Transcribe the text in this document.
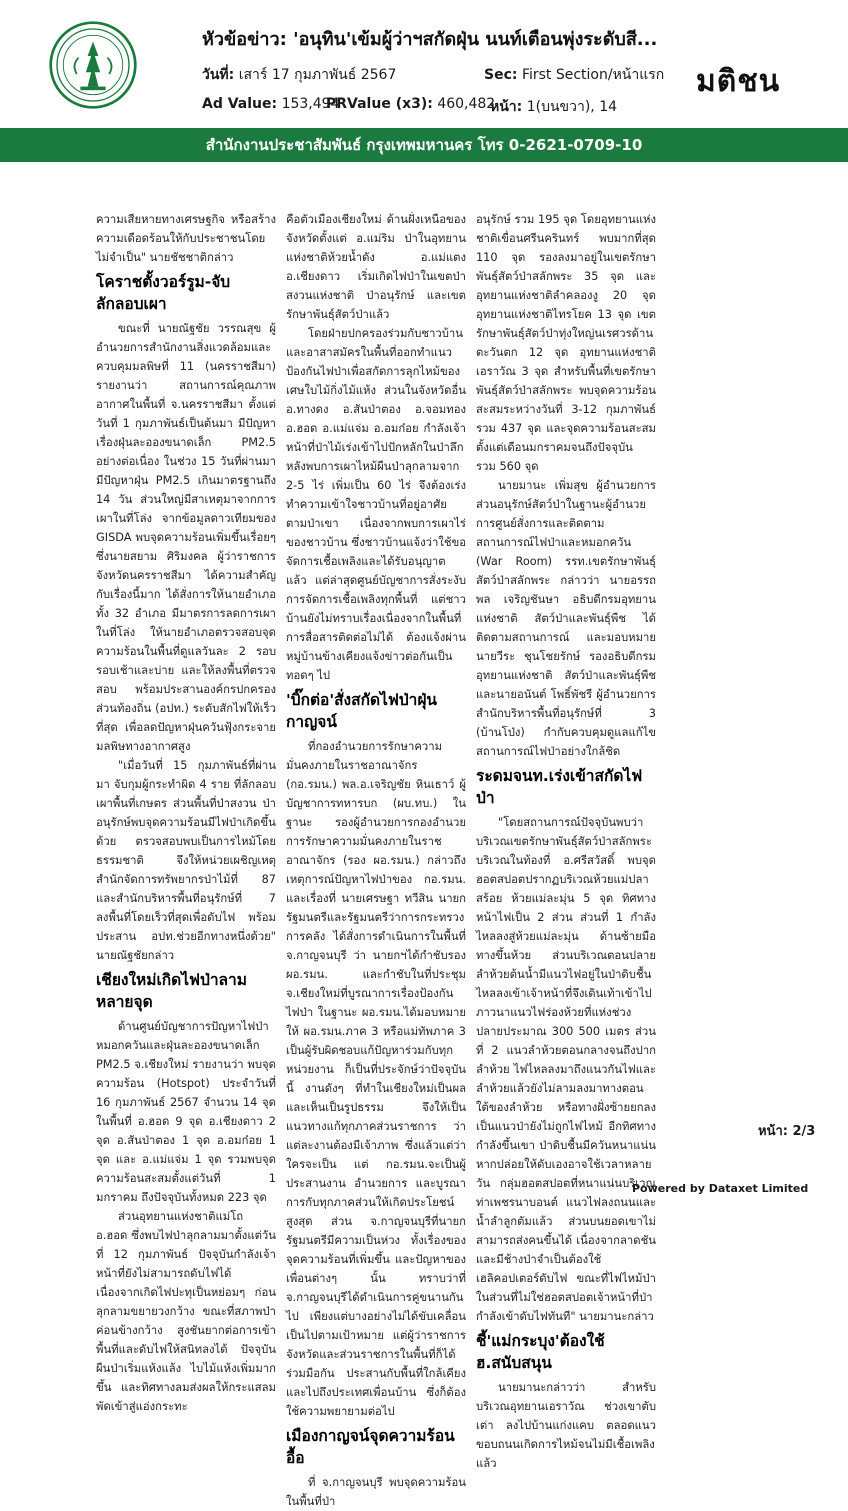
หัวข้อข่าว: 'อนุทิน'เข้มผู้ว่าฯสกัดฝุ่น นนท์เตือนพุ่งระดับสี...
วันที่: เสาร์ 17 กุมภาพันธ์ 2567	Sec: First Section/หน้าแรก
Ad Value: 153,494
PRValue (x3): 460,482
หน้า: 1(บนขวา), 14
มติชน
สำนักงานประชาสัมพันธ์ กรุงเทพมหานคร โทร 0-2621-0709-10

ความเสียหายทางเศรษฐกิจ หรือสร้างความเดือดร้อนให้กับประชาชนโดยไม่จำเป็น" นายชัชชาติกล่าว

โคราชตั้งวอร์รูม-จับลักลอบเผา

ขณะที่ นายณัฐชัย วรรณสุข ผู้อำนวยการสำนักงานสิ่งแวดล้อมและควบคุมมลพิษที่ 11 (นครราชสีมา) รายงานว่า สถานการณ์คุณภาพอากาศในพื้นที่ จ.นครราชสีมา ตั้งแต่วันที่ 1 กุมภาพันธ์เป็นต้นมา มีปัญหาเรื่องฝุ่นละอองขนาดเล็ก PM2.5 อย่างต่อเนื่อง ในช่วง 15 วันที่ผ่านมา มีปัญหาฝุ่น PM2.5 เกินมาตรฐานถึง 14 วัน ส่วนใหญ่มีสาเหตุมาจากการเผาในที่โล่ง จากข้อมูลดาวเทียมของ GISDA พบจุดความร้อนเพิ่มขึ้นเรื่อยๆ ซึ่งนายสยาม ศิริมงคล ผู้ว่าราชการจังหวัดนครราชสีมา ได้ความสำคัญกับเรื่องนี้มาก ได้สั่งการให้นายอำเภอทั้ง 32 อำเภอ มีมาตรการลดการเผาในที่โล่ง ให้นายอำเภอตรวจสอบจุดความร้อนในพื้นที่ดูแลวันละ 2 รอบ รอบเช้าและบ่าย และให้ลงพื้นที่ตรวจสอบ พร้อมประสานองค์กรปกครองส่วนท้องถิ่น (อปท.) ระดับสักไฟให้เร็วที่สุด เพื่อลดปัญหาฝุ่นควันฟุ้งกระจาย มลพิษทางอากาศสูง

"เมื่อวันที่ 15 กุมภาพันธ์ที่ผ่านมา จับกุมผู้กระทำผิด 4 ราย ที่ลักลอบเผาพื้นที่เกษตร ส่วนพื้นที่ป่าสงวน ป่าอนุรักษ์พบจุดความร้อนมีไฟป่าเกิดขึ้นด้วย ตรวจสอบพบเป็นการไหม้โดยธรรมชาติ จึงให้หน่วยเผชิญเหตุ สำนักจัดการทรัพยากรป่าไม้ที่ 87 และสำนักบริหารพื้นที่อนุรักษ์ที่ 7 ลงพื้นที่โดยเร็วที่สุดเพื่อดับไฟ พร้อมประสาน อปท.ช่วยอีกทางหนึ่งด้วย" นายณัฐชัยกล่าว

เชียงใหม่เกิดไฟป่าลามหลายจุด

ด้านศูนย์บัญชาการปัญหาไฟป่าหมอกควันและฝุ่นละอองขนาดเล็ก PM2.5 จ.เชียงใหม่ รายงานว่า พบจุดความร้อน (Hotspot) ประจำวันที่ 16 กุมภาพันธ์ 2567 จำนวน 14 จุด ในพื้นที่ อ.ฮอด 9 จุด อ.เชียงดาว 2 จุด อ.สันป่าตอง 1 จุด อ.อมก๋อย 1 จุด และ อ.แม่แจ่ม 1 จุด รวมพบจุดความร้อนสะสมตั้งแต่วันที่ 1 มกราคม ถึงปัจจุบันทั้งหมด 223 จุด

ส่วนอุทยานแห่งชาติแม่โถ อ.ฮอด ซึ่งพบไฟป่าลุกลามมาตั้งแต่วันที่ 12 กุมภาพันธ์ ปัจจุบันกำลังเจ้าหน้าที่ยังไม่สามารถดับไฟได้ เนื่องจากเกิดไฟปะทุเป็นหย่อมๆ ก่อนลุกลามขยายวงกว้าง ขณะที่สภาพป่าค่อนข้างกว้าง สูงชันยากต่อการเข้าพื้นที่และดับไฟให้สนิทลงได้ ปัจจุบันผืนป่าเริ่มแห้งแล้ง ไบไม้แห้งเพิ่มมากขึ้น และทิศทางลมส่งผลให้กระแสลมพัดเข้าสู่แอ่งกระทะ

คือตัวเมืองเชียงใหม่ ด้านฝั่งเหนือของจังหวัดตั้งแต่ อ.แม่ริม ป่าในอุทยานแห่งชาติห้วยน้ำดัง อ.แม่แตง อ.เชียงดาว เริ่มเกิดไฟป่าในเขตป่าสงวนแห่งชาติ ป่าอนุรักษ์ และเขตรักษาพันธุ์สัตว์ป่าแล้ว

โดยฝ่ายปกครองร่วมกับชาวบ้านและอาสาสมัครในพื้นที่ออกทำแนวป้องกันไฟป่าเพื่อสกัดการลุกไหม้ของเศษใบไม้กิ่งไม้แห้ง ส่วนในจังหวัดอื่น อ.ทางดง อ.สันป่าตอง อ.จอมทอง อ.ฮอด อ.แม่แจ่ม อ.อมก๋อย กำลังเจ้าหน้าที่ป่าไม้เร่งเข้าไปปักหลักในป่าลึก หลังพบการเผาไหม้ผืนป่าลุกลามจาก 2-5 ไร่ เพิ่มเป็น 60 ไร่ จึงต้องเร่งทำความเข้าใจชาวบ้านที่อยู่อาศัยตามป่าเขา เนื่องจากพบการเผาไร่ของชาวบ้าน ซึ่งชาวบ้านแจ้งว่าใช้ขอจัดการเชื้อเพลิงและได้รับอนุญาตแล้ว แต่ล่าสุดศูนย์บัญชาการสั่งระงับการจัดการเชื้อเพลิงทุกพื้นที่ แต่ชาวบ้านยังไม่ทราบเรื่องเนื่องจากในพื้นที่การสื่อสารติดต่อไม่ได้ ต้องแจ้งผ่านหมู่บ้านข้างเคียงแจ้งข่าวต่อกันเป็นทอดๆ ไป

'บิ๊กต่อ'สั่งสกัดไฟป่าฝุ่นกาญจน์

ที่กองอำนวยการรักษาความมั่นคงภายในราชอาณาจักร (กอ.รมน.) พล.อ.เจริญชัย หินเธาว์ ผู้บัญชาการทหารบก (ผบ.ทบ.) ในฐานะ รองผู้อำนวยการกองอำนวยการรักษาความมั่นคงภายในราชอาณาจักร (รอง ผอ.รมน.) กล่าวถึงเหตุการณ์ปัญหาไฟป่าของ กอ.รมน. และเรื่องที่ นายเศรษฐา ทวีสิน นายกรัฐมนตรีและรัฐมนตรีว่าการกระทรวงการคลัง ได้สั่งการดำเนินการในพื้นที่ จ.กาญจนบุรี ว่า นายกฯได้กำชับรอง ผอ.รมน. และกำชับในที่ประชุม จ.เชียงใหม่ที่บูรณาการเรื่องป้องกันไฟป่า ในฐานะ ผอ.รมน.ได้มอบหมายให้ ผอ.รมน.ภาค 3 หรือแม่ทัพภาค 3 เป็นผู้รับผิดชอบแก้ปัญหาร่วมกับทุกหน่วยงาน ก็เป็นที่ประจักษ์ว่าปัจจุบันนี้ งานดังๆ ที่ทำในเชียงใหม่เป็นผล และเห็นเป็นรูปธรรม จึงให้เป็นแนวทางแก้ทุกภาคส่วนราชการ ว่าแต่ละงานต้องมีเจ้าภาพ ซึ่งแล้วแต่ว่าใครจะเป็น แต่ กอ.รมน.จะเป็นผู้ประสานงาน อำนวยการ และบูรณาการกับทุกภาคส่วนให้เกิดประโยชน์สูงสุด ส่วน จ.กาญจนบุรีที่นายกรัฐมนตรีมีความเป็นห่วง ทั้งเรื่องของจุดความร้อนที่เพิ่มขึ้น และปัญหาของเพื่อนต่างๆ นั้น ทราบว่าที่ จ.กาญจนบุรีได้ดำเนินการคู่ขนานกันไป เพียงแต่บางอย่างไม่ได้ขับเคลื่อนเป็นไปตามเป้าหมาย แต่ผู้ว่าราชการจังหวัดและส่วนราชการในพื้นที่ก็ได้ร่วมมือกัน ประสานกับพื้นที่ใกล้เคียง และไปถึงประเทศเพื่อนบ้าน ซึ่งก็ต้องใช้ความพยายามต่อไป

เมืองกาญจน์จุดความร้อนอื้อ

ที่ จ.กาญจนบุรี พบจุดความร้อนในพื้นที่ป่า

อนุรักษ์ รวม 195 จุด โดยอุทยานแห่งชาติเขื่อนศรีนครินทร์ พบมากที่สุด 110 จุด รองลงมาอยู่ในเขตรักษาพันธุ์สัตว์ป่าสลักพระ 35 จุด และอุทยานแห่งชาติลำคลองงู 20 จุด อุทยานแห่งชาติไทรโยค 13 จุด เขตรักษาพันธุ์สัตว์ป่าทุ่งใหญ่นเรศวรด้านตะวันตก 12 จุด อุทยานแห่งชาติเอราวัณ 3 จุด สำหรับพื้นที่เขตรักษาพันธุ์สัตว์ป่าสลักพระ พบจุดความร้อนสะสมระหว่างวันที่ 3-12 กุมภาพันธ์รวม 437 จุด และจุดความร้อนสะสมตั้งแต่เดือนมกราคมจนถึงปัจจุบัน รวม 560 จุด

นายมานะ เพิ่มสุข ผู้อำนวยการส่วนอนุรักษ์สัตว์ป่าในฐานะผู้อำนวยการศูนย์สั่งการและติดตามสถานการณ์ไฟป่าและหมอกควัน (War Room) รรท.เขตรักษาพันธุ์สัตว์ป่าสลักพระ กล่าวว่า นายอรรถพล เจริญชันษา อธิบดีกรมอุทยานแห่งชาติ สัตว์ป่าและพันธุ์พืช ได้ติดตามสถานการณ์ และมอบหมายนายวีระ ชุนโชยรักษ์ รองอธิบดีกรมอุทยานแห่งชาติ สัตว์ป่าและพันธุ์พืช และนายอนันต์ โพธิ์พัชรี ผู้อำนวยการสำนักบริหารพื้นที่อนุรักษ์ที่ 3 (บ้านโป่ง) กำกับควบคุมดูแลแก้ไขสถานการณ์ไฟป่าอย่างใกล้ชิด

ระดมจนท.เร่งเข้าสกัดไฟป่า

"โดยสถานการณ์ปัจจุบันพบว่า บริเวณเขตรักษาพันธุ์สัตว์ป่าสลักพระบริเวณในท้องที่ อ.ศรีสวัสดิ์ พบจุดฮอตสปอตปรากฏบริเวณห้วยแม่ปลาสร้อย ห้วยแม่ละมุ่น 5 จุด ทิศทางหน้าไฟเป็น 2 ส่วน ส่วนที่ 1 กำลังไหลลงสู่ห้วยแม่ละมุ่น ด้านซ้ายมือทางขึ้นห้วย ส่วนบริเวณตอนปลายลำห้วยต้นน้ำมีแนวไฟอยู่ในป่าดิบชื้นไหลลงเข้าเจ้าหน้าที่จึงเดินเท้าเข้าไปภาวนาแนวไฟร่องห้วยที่แห่งช่วงปลายประมาณ 300 500 เมตร ส่วนที่ 2 แนวลำห้วยตอนกลางจนถึงปากลำห้วย ไฟไหลลงมาถึงแนวกันไฟและลำห้วยแล้วยังไม่ลามลงมาทางตอนใต้ของลำห้วย หรือทางฝั่งซ้ายยกลงเป็นแนวป่ายังไม่ถูกไฟไหม้ อีกทิศทางกำลังขึ้นเขา ป่าดิบชื้นมีควันหนาแน่น หากปล่อยให้ดับเองอาจใช้เวลาหลายวัน กลุ่มฮอตสปอตที่หนาแน่นบริเวณท่าเพชรนาบอนต์ แนวไฟลงถนนและน้ำลำลูกตัมแล้ว ส่วนบนยอดเขาไม่สามารถส่งคนขึ้นได้ เนื่องจากลาดชันและมีช้างป่าจำเป็นต้องใช้เฮลิคอปเตอร์ดับไฟ ขณะที่ไฟไหม้ป่าในส่วนที่ไม่ใช่ฮอตสปอตเจ้าหน้าที่ป่ากำลังเข้าดับไฟทันที" นายมานะกล่าว

ชี้'แม่กระบุง'ต้องใช้ฮ.สนับสนุน

นายมานะกล่าวว่า สำหรับบริเวณอุทยานเอราวัณ ช่วงเขาตับเต่า ลงไปบ้านแก่งแคบ ตลอดแนวขอบถนนเกิดการไหม้จนไม่มีเชื้อเพลิงแล้ว

หน้า: 2/3
Powered by Dataxet Limited
